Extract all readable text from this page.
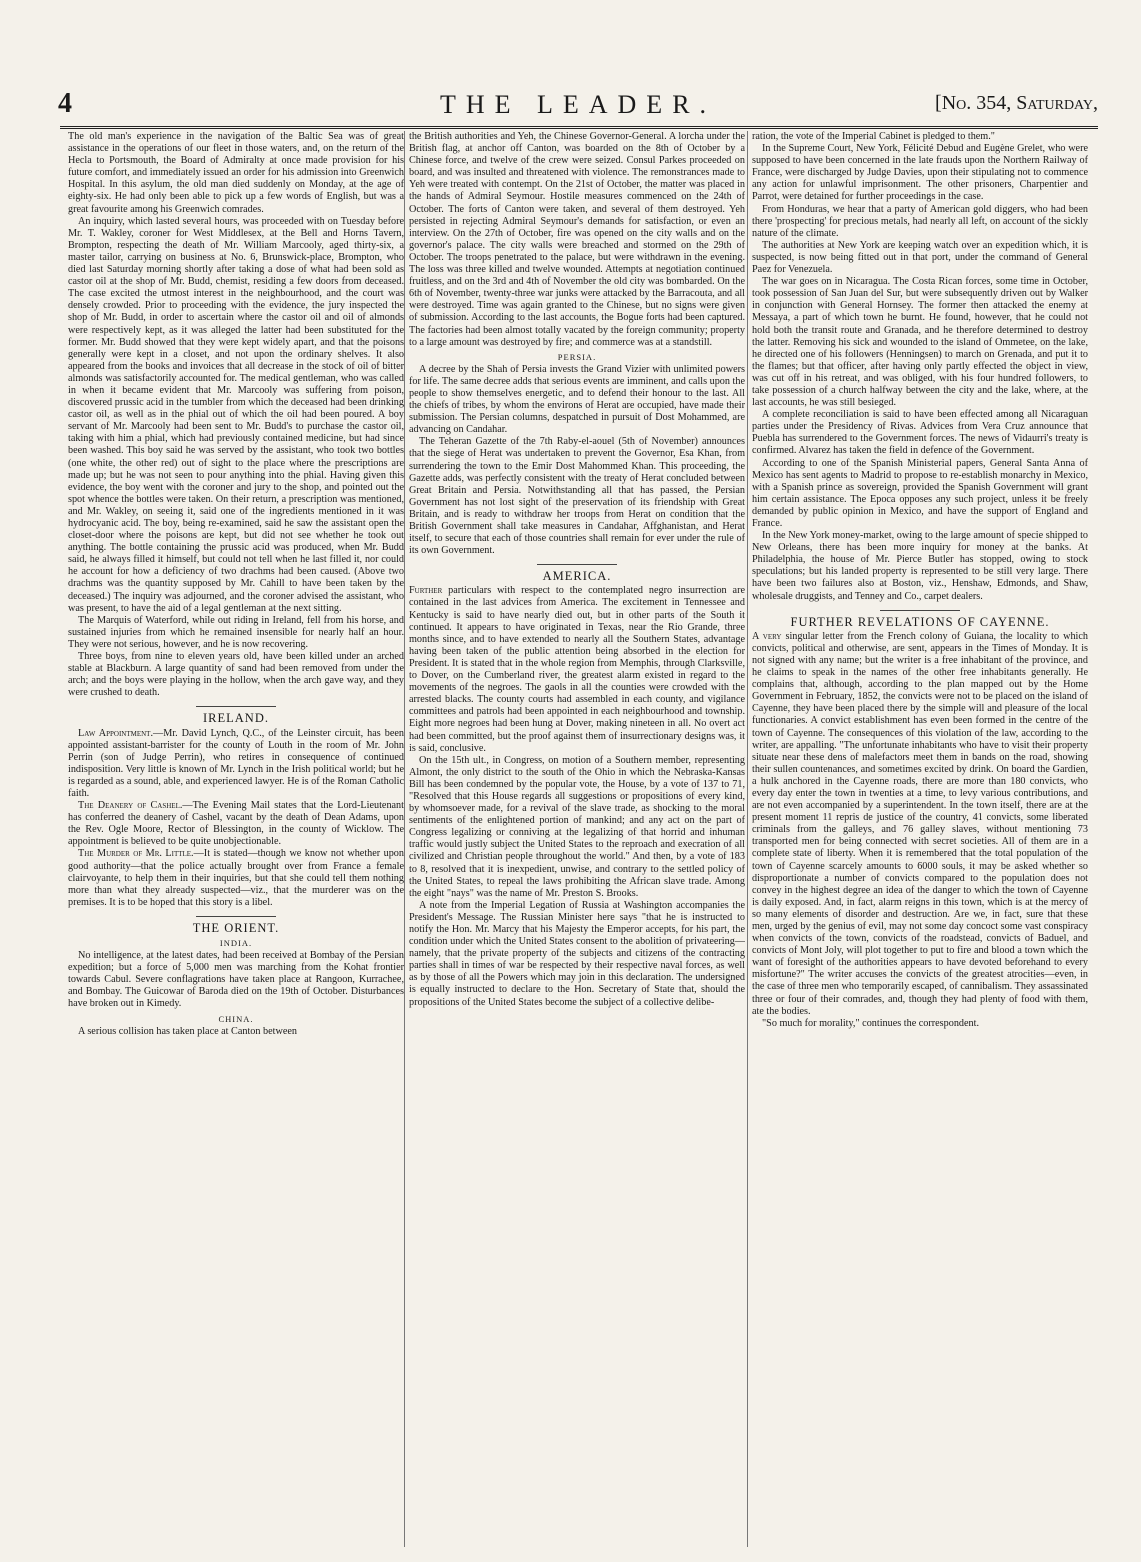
4	THE LEADER.	[No. 354, Saturday,

The old man's experience in the navigation of the Baltic Sea was of great assistance in the operations of our fleet in those waters, and, on the return of the Hecla to Portsmouth, the Board of Admiralty at once made provision for his future comfort, and immediately issued an order for his admission into Greenwich Hospital. In this asylum, the old man died suddenly on Monday, at the age of eighty-six. He had only been able to pick up a few words of English, but was a great favourite among his Greenwich comrades.

An inquiry, which lasted several hours, was proceeded with on Tuesday before Mr. T. Wakley, coroner for West Middlesex, at the Bell and Horns Tavern, Brompton, respecting the death of Mr. William Marcooly, aged thirty-six, a master tailor, carrying on business at No. 6, Brunswick-place, Brompton, who died last Saturday morning shortly after taking a dose of what had been sold as castor oil at the shop of Mr. Budd, chemist, residing a few doors from deceased. The case excited the utmost interest in the neighbourhood, and the court was densely crowded. Prior to proceeding with the evidence, the jury inspected the shop of Mr. Budd, in order to ascertain where the castor oil and oil of almonds were respectively kept, as it was alleged the latter had been substituted for the former. Mr. Budd showed that they were kept widely apart, and that the poisons generally were kept in a closet, and not upon the ordinary shelves. It also appeared from the books and invoices that all decrease in the stock of oil of bitter almonds was satisfactorily accounted for. The medical gentleman, who was called in when it became evident that Mr. Marcooly was suffering from poison, discovered prussic acid in the tumbler from which the deceased had been drinking castor oil, as well as in the phial out of which the oil had been poured. A boy servant of Mr. Marcooly had been sent to Mr. Budd's to purchase the castor oil, taking with him a phial, which had previously contained medicine, but had since been washed. This boy said he was served by the assistant, who took two bottles (one white, the other red) out of sight to the place where the prescriptions are made up; but he was not seen to pour anything into the phial. Having given this evidence, the boy went with the coroner and jury to the shop, and pointed out the spot whence the bottles were taken. On their return, a prescription was mentioned, and Mr. Wakley, on seeing it, said one of the ingredients mentioned in it was hydrocyanic acid. The boy, being re-examined, said he saw the assistant open the closet-door where the poisons are kept, but did not see whether he took out anything. The bottle containing the prussic acid was produced, when Mr. Budd said, he always filled it himself, but could not tell when he last filled it, nor could he account for how a deficiency of two drachms had been caused. (Above two drachms was the quantity supposed by Mr. Cahill to have been taken by the deceased.) The inquiry was adjourned, and the coroner advised the assistant, who was present, to have the aid of a legal gentleman at the next sitting.

The Marquis of Waterford, while out riding in Ireland, fell from his horse, and sustained injuries from which he remained insensible for nearly half an hour. They were not serious, however, and he is now recovering.

Three boys, from nine to eleven years old, have been killed under an arched stable at Blackburn. A large quantity of sand had been removed from under the arch; and the boys were playing in the hollow, when the arch gave way, and they were crushed to death.

IRELAND.

Law Appointment.—Mr. David Lynch, Q.C., of the Leinster circuit, has been appointed assistant-barrister for the county of Louth in the room of Mr. John Perrin (son of Judge Perrin), who retires in consequence of continued indisposition. Very little is known of Mr. Lynch in the Irish political world; but he is regarded as a sound, able, and experienced lawyer. He is of the Roman Catholic faith.

The Deanery of Cashel.—The Evening Mail states that the Lord-Lieutenant has conferred the deanery of Cashel, vacant by the death of Dean Adams, upon the Rev. Ogle Moore, Rector of Blessington, in the county of Wicklow. The appointment is believed to be quite unobjectionable.

The Murder of Mr. Little.—It is stated—though we know not whether upon good authority—that the police actually brought over from France a female clairvoyante, to help them in their inquiries, but that she could tell them nothing more than what they already suspected—viz., that the murderer was on the premises. It is to be hoped that this story is a libel.

THE ORIENT.
INDIA.

No intelligence, at the latest dates, had been received at Bombay of the Persian expedition; but a force of 5,000 men was marching from the Kohat frontier towards Cabul. Severe conflagrations have taken place at Rangoon, Kurrachee, and Bombay. The Guicowar of Baroda died on the 19th of October. Disturbances have broken out in Kimedy.

CHINA.

A serious collision has taken place at Canton between

the British authorities and Yeh, the Chinese Governor-General. A lorcha under the British flag, at anchor off Canton, was boarded on the 8th of October by a Chinese force, and twelve of the crew were seized. Consul Parkes proceeded on board, and was insulted and threatened with violence. The remonstrances made to Yeh were treated with contempt. On the 21st of October, the matter was placed in the hands of Admiral Seymour. Hostile measures commenced on the 24th of October. The forts of Canton were taken, and several of them destroyed. Yeh persisted in rejecting Admiral Seymour's demands for satisfaction, or even an interview. On the 27th of October, fire was opened on the city walls and on the governor's palace. The city walls were breached and stormed on the 29th of October. The troops penetrated to the palace, but were withdrawn in the evening. The loss was three killed and twelve wounded. Attempts at negotiation continued fruitless, and on the 3rd and 4th of November the old city was bombarded. On the 6th of November, twenty-three war junks were attacked by the Barracouta, and all were destroyed. Time was again granted to the Chinese, but no signs were given of submission. According to the last accounts, the Bogue forts had been captured. The factories had been almost totally vacated by the foreign community; property to a large amount was destroyed by fire; and commerce was at a standstill.

PERSIA.

A decree by the Shah of Persia invests the Grand Vizier with unlimited powers for life. The same decree adds that serious events are imminent, and calls upon the people to show themselves energetic, and to defend their honour to the last. All the chiefs of tribes, by whom the environs of Herat are occupied, have made their submission. The Persian columns, despatched in pursuit of Dost Mohammed, are advancing on Candahar.

The Teheran Gazette of the 7th Raby-el-aouel (5th of November) announces that the siege of Herat was undertaken to prevent the Governor, Esa Khan, from surrendering the town to the Emir Dost Mahommed Khan. This proceeding, the Gazette adds, was perfectly consistent with the treaty of Herat concluded between Great Britain and Persia. Notwithstanding all that has passed, the Persian Government has not lost sight of the preservation of its friendship with Great Britain, and is ready to withdraw her troops from Herat on condition that the British Government shall take measures in Candahar, Affghanistan, and Herat itself, to secure that each of those countries shall remain for ever under the rule of its own Government.

AMERICA.

Further particulars with respect to the contemplated negro insurrection are contained in the last advices from America. The excitement in Tennessee and Kentucky is said to have nearly died out, but in other parts of the South it continued. It appears to have originated in Texas, near the Rio Grande, three months since, and to have extended to nearly all the Southern States, advantage having been taken of the public attention being absorbed in the election for President. It is stated that in the whole region from Memphis, through Clarksville, to Dover, on the Cumberland river, the greatest alarm existed in regard to the movements of the negroes. The gaols in all the counties were crowded with the arrested blacks. The county courts had assembled in each county, and vigilance committees and patrols had been appointed in each neighbourhood and township. Eight more negroes had been hung at Dover, making nineteen in all. No overt act had been committed, but the proof against them of insurrectionary designs was, it is said, conclusive.

On the 15th ult., in Congress, on motion of a Southern member, representing Almont, the only district to the south of the Ohio in which the Nebraska-Kansas Bill has been condemned by the popular vote, the House, by a vote of 137 to 71, "Resolved that this House regards all suggestions or propositions of every kind, by whomsoever made, for a revival of the slave trade, as shocking to the moral sentiments of the enlightened portion of mankind; and any act on the part of Congress legalizing or conniving at the legalizing of that horrid and inhuman traffic would justly subject the United States to the reproach and execration of all civilized and Christian people throughout the world." And then, by a vote of 183 to 8, resolved that it is inexpedient, unwise, and contrary to the settled policy of the United States, to repeal the laws prohibiting the African slave trade. Among the eight "nays" was the name of Mr. Preston S. Brooks.

A note from the Imperial Legation of Russia at Washington accompanies the President's Message. The Russian Minister here says "that he is instructed to notify the Hon. Mr. Marcy that his Majesty the Emperor accepts, for his part, the condition under which the United States consent to the abolition of privateering—namely, that the private property of the subjects and citizens of the contracting parties shall in times of war be respected by their respective naval forces, as well as by those of all the Powers which may join in this declaration. The undersigned is equally instructed to declare to the Hon. Secretary of State that, should the propositions of the United States become the subject of a collective delibe-

ration, the vote of the Imperial Cabinet is pledged to them."

In the Supreme Court, New York, Félicité Debud and Eugène Grelet, who were supposed to have been concerned in the late frauds upon the Northern Railway of France, were discharged by Judge Davies, upon their stipulating not to commence any action for unlawful imprisonment. The other prisoners, Charpentier and Parrot, were detained for further proceedings in the case.

From Honduras, we hear that a party of American gold diggers, who had been there 'prospecting' for precious metals, had nearly all left, on account of the sickly nature of the climate.

The authorities at New York are keeping watch over an expedition which, it is suspected, is now being fitted out in that port, under the command of General Paez for Venezuela.

The war goes on in Nicaragua. The Costa Rican forces, some time in October, took possession of San Juan del Sur, but were subsequently driven out by Walker in conjunction with General Hornsey. The former then attacked the enemy at Messaya, a part of which town he burnt. He found, however, that he could not hold both the transit route and Granada, and he therefore determined to destroy the latter. Removing his sick and wounded to the island of Ommetee, on the lake, he directed one of his followers (Henningsen) to march on Grenada, and put it to the flames; but that officer, after having only partly effected the object in view, was cut off in his retreat, and was obliged, with his four hundred followers, to take possession of a church halfway between the city and the lake, where, at the last accounts, he was still besieged.

A complete reconciliation is said to have been effected among all Nicaraguan parties under the Presidency of Rivas. Advices from Vera Cruz announce that Puebla has surrendered to the Government forces. The news of Vidaurri's treaty is confirmed. Alvarez has taken the field in defence of the Government.

According to one of the Spanish Ministerial papers, General Santa Anna of Mexico has sent agents to Madrid to propose to re-establish monarchy in Mexico, with a Spanish prince as sovereign, provided the Spanish Government will grant him certain assistance. The Epoca opposes any such project, unless it be freely demanded by public opinion in Mexico, and have the support of England and France.

In the New York money-market, owing to the large amount of specie shipped to New Orleans, there has been more inquiry for money at the banks. At Philadelphia, the house of Mr. Pierce Butler has stopped, owing to stock speculations; but his landed property is represented to be still very large. There have been two failures also at Boston, viz., Henshaw, Edmonds, and Shaw, wholesale druggists, and Tenney and Co., carpet dealers.

FURTHER REVELATIONS OF CAYENNE.

A very singular letter from the French colony of Guiana, the locality to which convicts, political and otherwise, are sent, appears in the Times of Monday. It is not signed with any name; but the writer is a free inhabitant of the province, and he claims to speak in the names of the other free inhabitants generally. He complains that, although, according to the plan mapped out by the Home Government in February, 1852, the convicts were not to be placed on the island of Cayenne, they have been placed there by the simple will and pleasure of the local functionaries. A convict establishment has even been formed in the centre of the town of Cayenne. The consequences of this violation of the law, according to the writer, are appalling. "The unfortunate inhabitants who have to visit their property situate near these dens of malefactors meet them in bands on the road, showing their sullen countenances, and sometimes excited by drink. On board the Gardien, a hulk anchored in the Cayenne roads, there are more than 180 convicts, who every day enter the town in twenties at a time, to levy various contributions, and are not even accompanied by a superintendent. In the town itself, there are at the present moment 11 repris de justice of the country, 41 convicts, some liberated criminals from the galleys, and 76 galley slaves, without mentioning 73 transported men for being connected with secret societies. All of them are in a complete state of liberty. When it is remembered that the total population of the town of Cayenne scarcely amounts to 6000 souls, it may be asked whether so disproportionate a number of convicts compared to the population does not convey in the highest degree an idea of the danger to which the town of Cayenne is daily exposed. And, in fact, alarm reigns in this town, which is at the mercy of so many elements of disorder and destruction. Are we, in fact, sure that these men, urged by the genius of evil, may not some day concoct some vast conspiracy when convicts of the town, convicts of the roadstead, convicts of Baduel, and convicts of Mont Joly, will plot together to put to fire and blood a town which the want of foresight of the authorities appears to have devoted beforehand to every misfortune?" The writer accuses the convicts of the greatest atrocities—even, in the case of three men who temporarily escaped, of cannibalism. They assassinated three or four of their comrades, and, though they had plenty of food with them, ate the bodies.

"So much for morality," continues the correspondent.
